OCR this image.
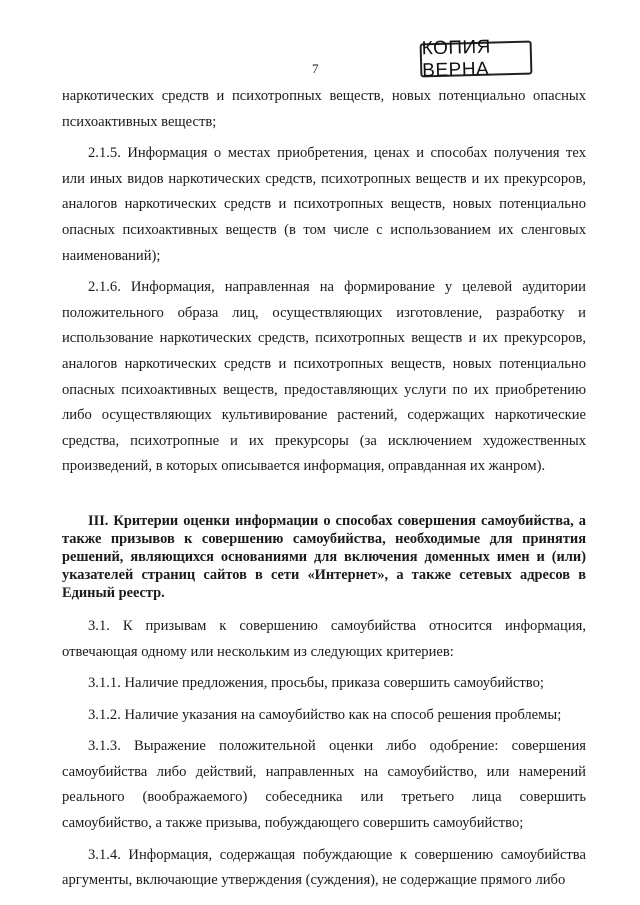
7
КОПИЯ ВЕРНА

наркотических средств и психотропных веществ, новых потенциально опасных психоактивных веществ;

2.1.5. Информация о местах приобретения, ценах и способах получения тех или иных видов наркотических средств, психотропных веществ и их прекурсоров, аналогов наркотических средств и психотропных веществ, новых потенциально опасных психоактивных веществ (в том числе с использованием их сленговых наименований);

2.1.6. Информация, направленная на формирование у целевой аудитории положительного образа лиц, осуществляющих изготовление, разработку и использование наркотических средств, психотропных веществ и их прекурсоров, аналогов наркотических средств и психотропных веществ, новых потенциально опасных психоактивных веществ, предоставляющих услуги по их приобретению либо осуществляющих культивирование растений, содержащих наркотические средства, психотропные и их прекурсоры (за исключением художественных произведений, в которых описывается информация, оправданная их жанром).

III. Критерии оценки информации о способах совершения самоубийства, а также призывов к совершению самоубийства, необходимые для принятия решений, являющихся основаниями для включения доменных имен и (или) указателей страниц сайтов в сети «Интернет», а также сетевых адресов в Единый реестр.

3.1. К призывам к совершению самоубийства относится информация, отвечающая одному или нескольким из следующих критериев:

3.1.1. Наличие предложения, просьбы, приказа совершить самоубийство;

3.1.2. Наличие указания на самоубийство как на способ решения проблемы;

3.1.3. Выражение положительной оценки либо одобрение: совершения самоубийства либо действий, направленных на самоубийство, или намерений реального (воображаемого) собеседника или третьего лица совершить самоубийство, а также призыва, побуждающего совершить самоубийство;

3.1.4. Информация, содержащая побуждающие к совершению самоубийства аргументы, включающие утверждения (суждения), не содержащие прямого либо
